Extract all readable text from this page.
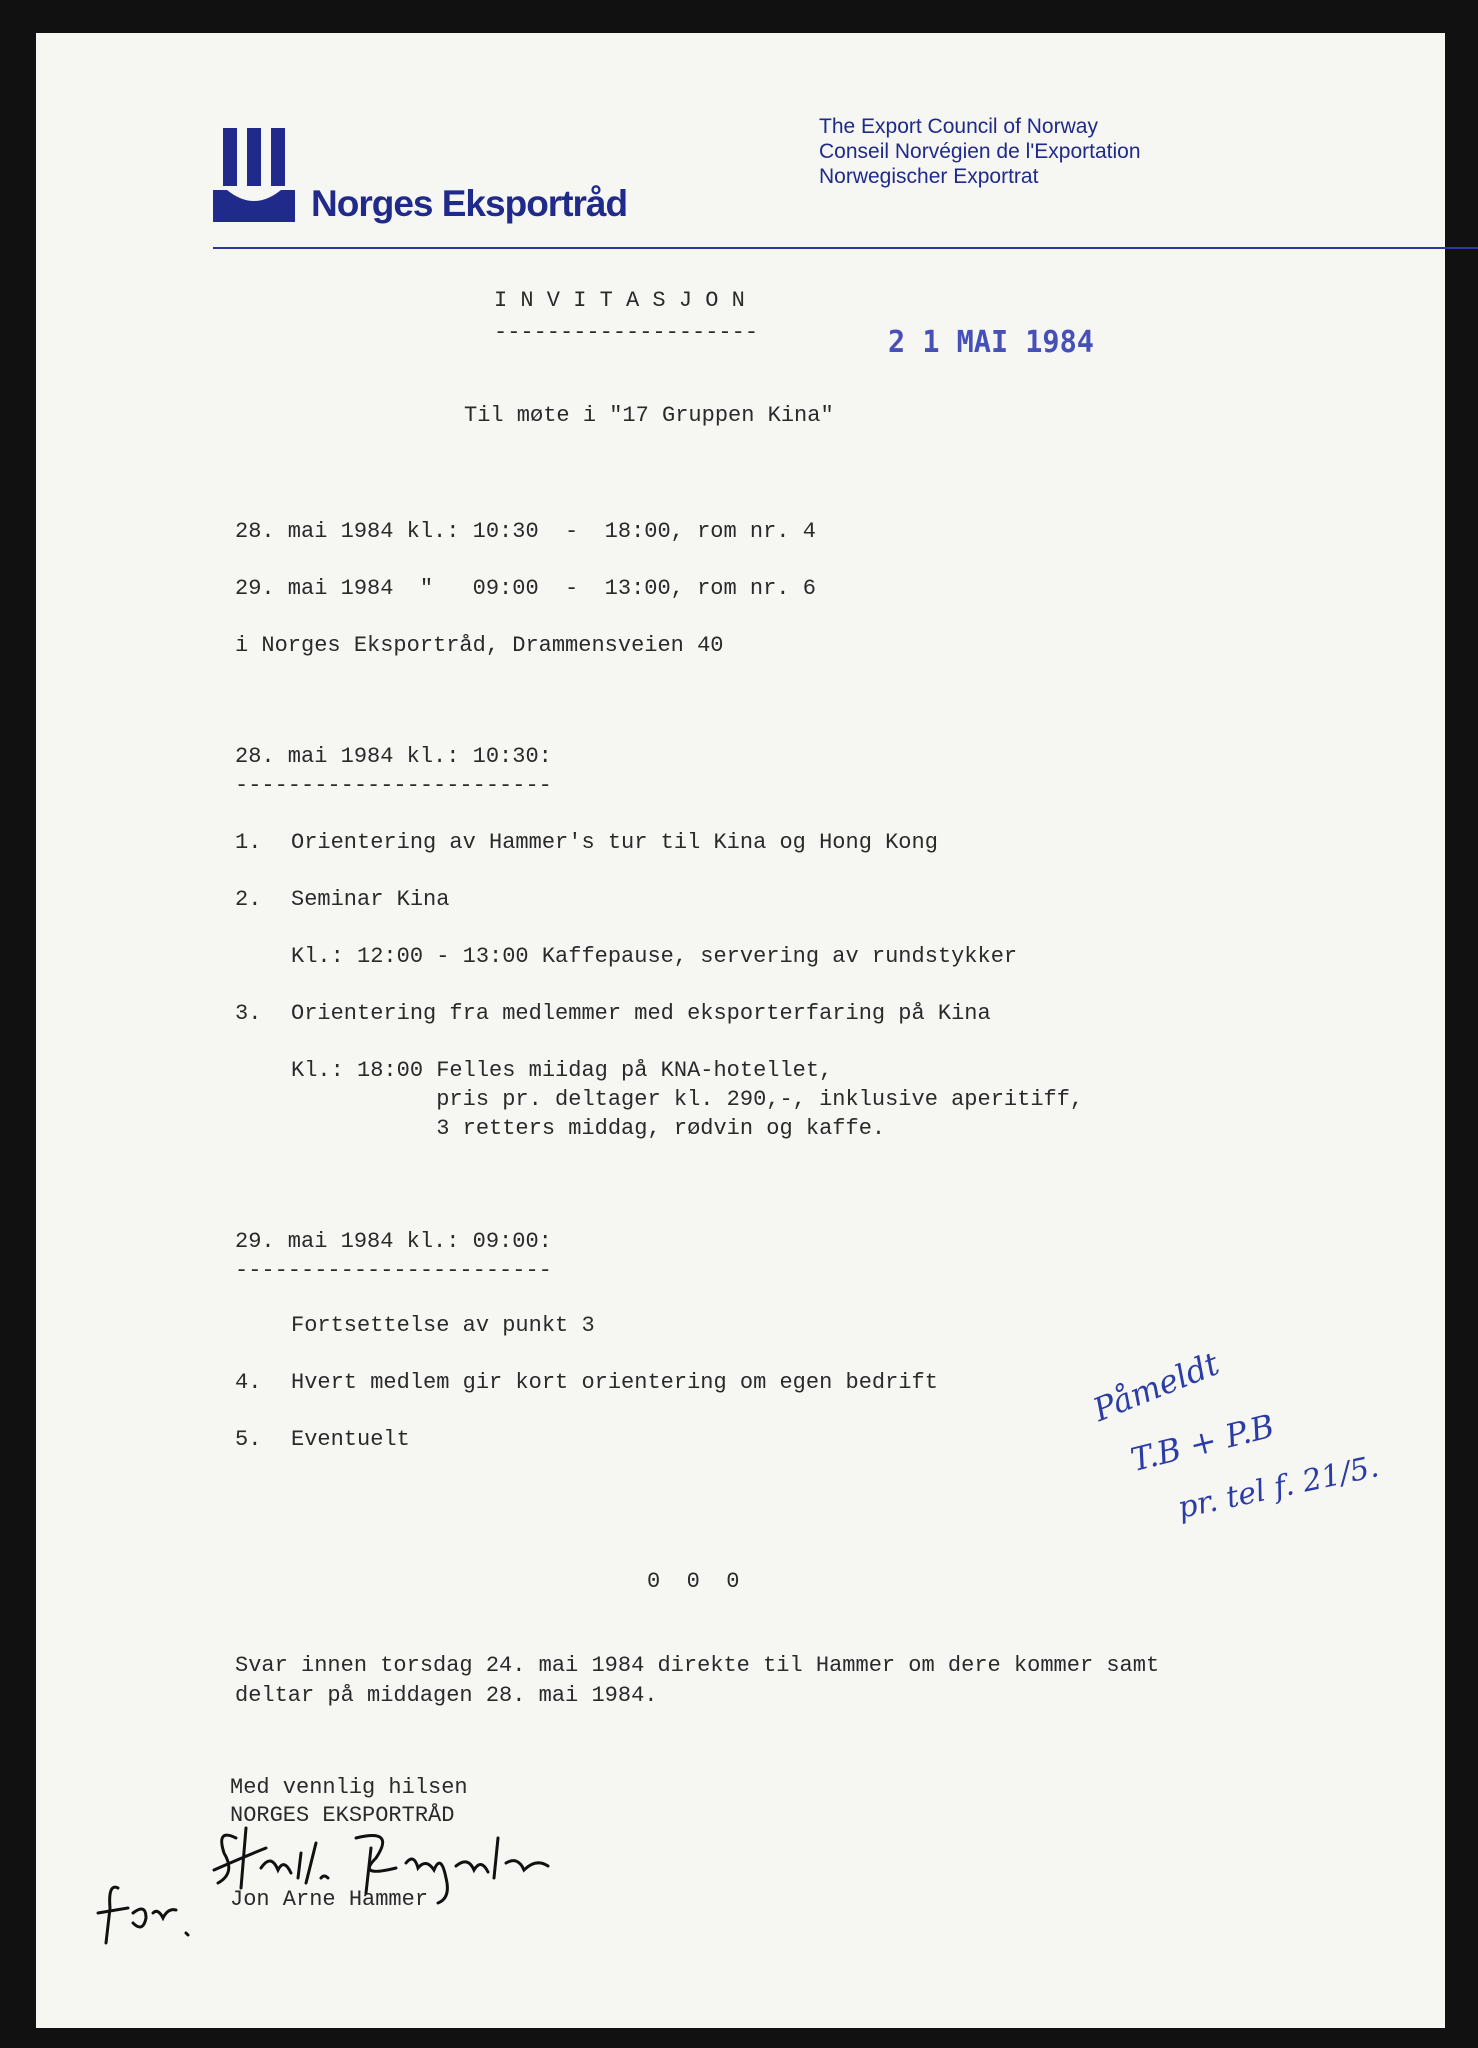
Norges Eksportråd
The Export Council of Norway
Conseil Norvégien de l'Exportation
Norwegischer Exportrat
2 1 MAI 1984
I N V I T A S J O N
--------------------
Til møte i "17 Gruppen Kina"
28. mai 1984 kl.: 10:30  -  18:00, rom nr. 4
29. mai 1984  "   09:00  -  13:00, rom nr. 6
i Norges Eksportråd, Drammensveien 40
28. mai 1984 kl.: 10:30:
------------------------
1. Orientering av Hammer's tur til Kina og Hong Kong
2. Seminar Kina
Kl.: 12:00 - 13:00 Kaffepause, servering av rundstykker
3. Orientering fra medlemmer med eksporterfaring på Kina
Kl.: 18:00 Felles miidag på KNA-hotellet,
pris pr. deltager kl. 290,-, inklusive aperitiff,
3 retters middag, rødvin og kaffe.
29. mai 1984 kl.: 09:00:
------------------------
Fortsettelse av punkt 3
4. Hvert medlem gir kort orientering om egen bedrift
5. Eventuelt
0  0  0
Svar innen torsdag 24. mai 1984 direkte til Hammer om dere kommer samt
deltar på middagen 28. mai 1984.
Med vennlig hilsen
NORGES EKSPORTRÅD
Jon Arne Hammer
Påmeldt
T.B + P.B
pr. tel f. 21/5.
